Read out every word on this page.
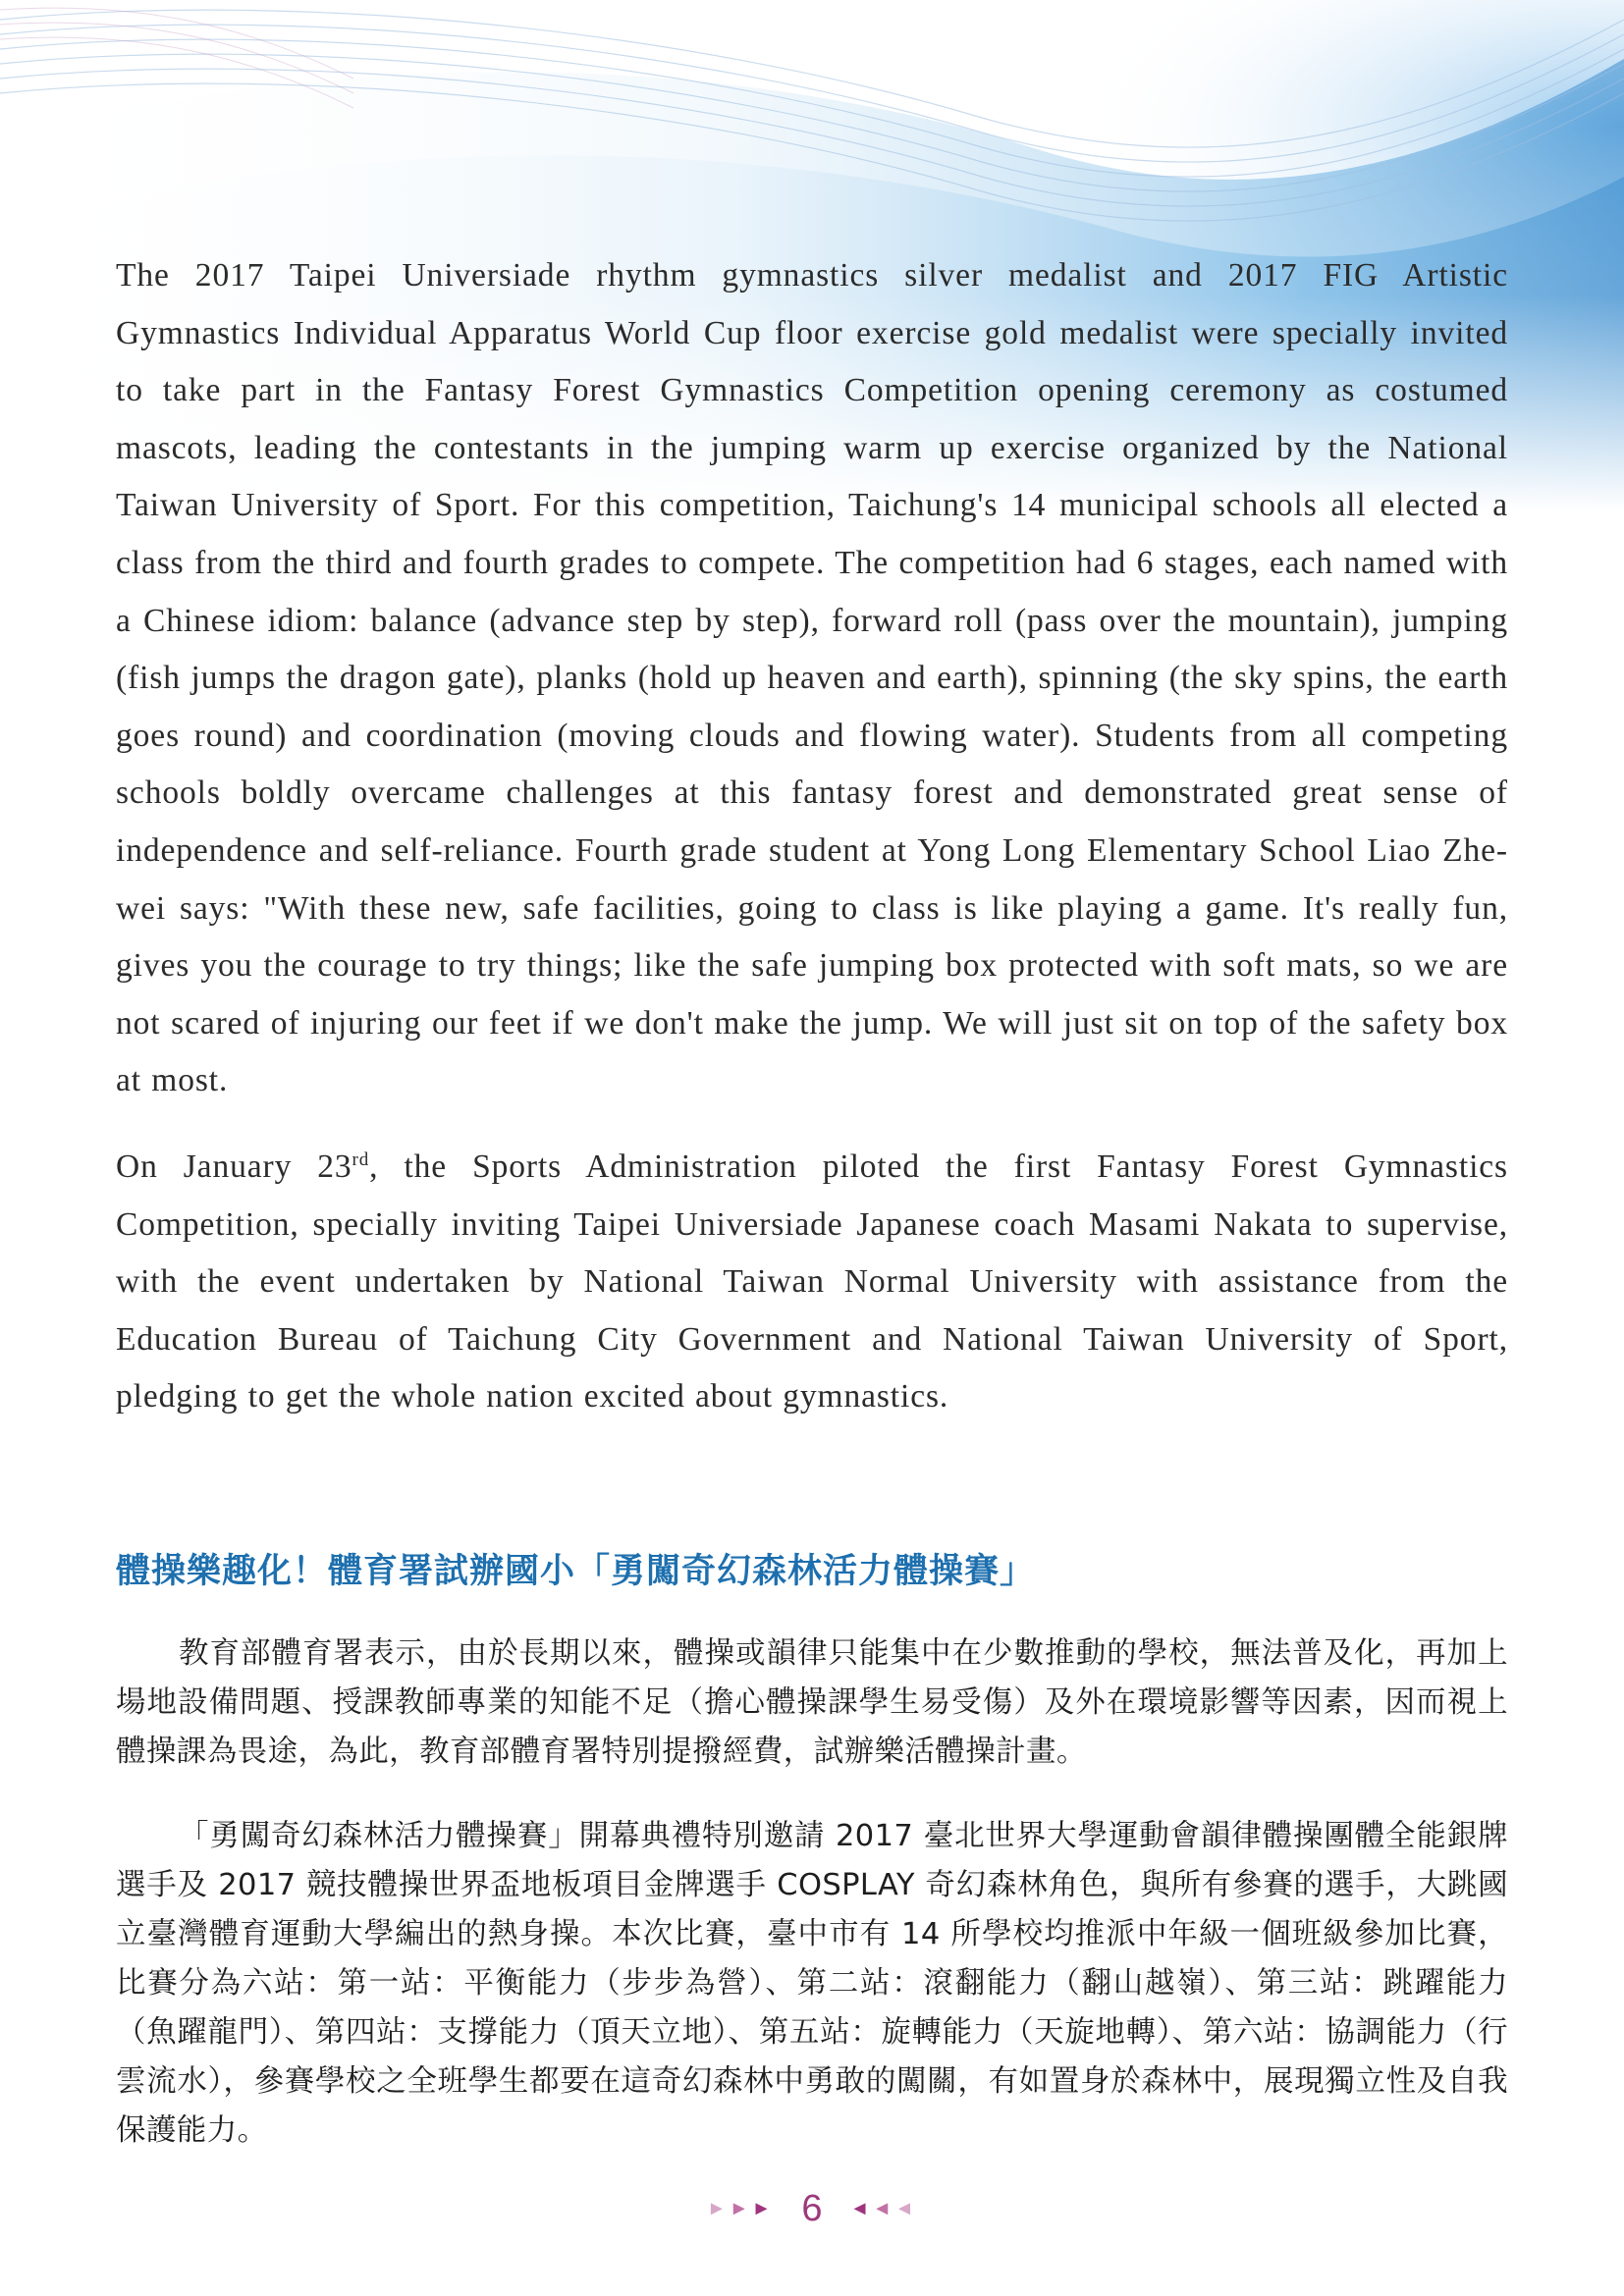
The 2017 Taipei Universiade rhythm gymnastics silver medalist and 2017 FIG Artistic Gymnastics Individual Apparatus World Cup floor exercise gold medalist were specially invited to take part in the Fantasy Forest Gymnastics Competition opening ceremony as costumed mascots, leading the contestants in the jumping warm up exercise organized by the National Taiwan University of Sport. For this competition, Taichung's 14 municipal schools all elected a class from the third and fourth grades to compete. The competition had 6 stages, each named with a Chinese idiom: balance (advance step by step), forward roll (pass over the mountain), jumping (fish jumps the dragon gate), planks (hold up heaven and earth), spinning (the sky spins, the earth goes round) and coordination (moving clouds and flowing water). Students from all competing schools boldly overcame challenges at this fantasy forest and demonstrated great sense of independence and self-reliance. Fourth grade student at Yong Long Elementary School Liao Zhe-wei says: "With these new, safe facilities, going to class is like playing a game. It's really fun, gives you the courage to try things; like the safe jumping box protected with soft mats, so we are not scared of injuring our feet if we don't make the jump. We will just sit on top of the safety box at most.

On January 23rd, the Sports Administration piloted the first Fantasy Forest Gymnastics Competition, specially inviting Taipei Universiade Japanese coach Masami Nakata to supervise, with the event undertaken by National Taiwan Normal University with assistance from the Education Bureau of Taichung City Government and National Taiwan University of Sport, pledging to get the whole nation excited about gymnastics.

體操樂趣化！體育署試辦國小「勇闖奇幻森林活力體操賽」

教育部體育署表示，由於長期以來，體操或韻律只能集中在少數推動的學校，無法普及化，再加上場地設備問題、授課教師專業的知能不足（擔心體操課學生易受傷）及外在環境影響等因素，因而視上體操課為畏途，為此，教育部體育署特別提撥經費，試辦樂活體操計畫。

「勇闖奇幻森林活力體操賽」開幕典禮特別邀請 2017 臺北世界大學運動會韻律體操團體全能銀牌選手及 2017 競技體操世界盃地板項目金牌選手 COSPLAY 奇幻森林角色，與所有參賽的選手，大跳國立臺灣體育運動大學編出的熱身操。本次比賽，臺中市有 14 所學校均推派中年級一個班級參加比賽，比賽分為六站：第一站：平衡能力（步步為營）、第二站：滾翻能力（翻山越嶺）、第三站：跳躍能力（魚躍龍門）、第四站：支撐能力（頂天立地）、第五站：旋轉能力（天旋地轉）、第六站：協調能力（行雲流水），參賽學校之全班學生都要在這奇幻森林中勇敢的闖關，有如置身於森林中，展現獨立性及自我保護能力。

► ► ► 6 ◄ ◄ ◄
